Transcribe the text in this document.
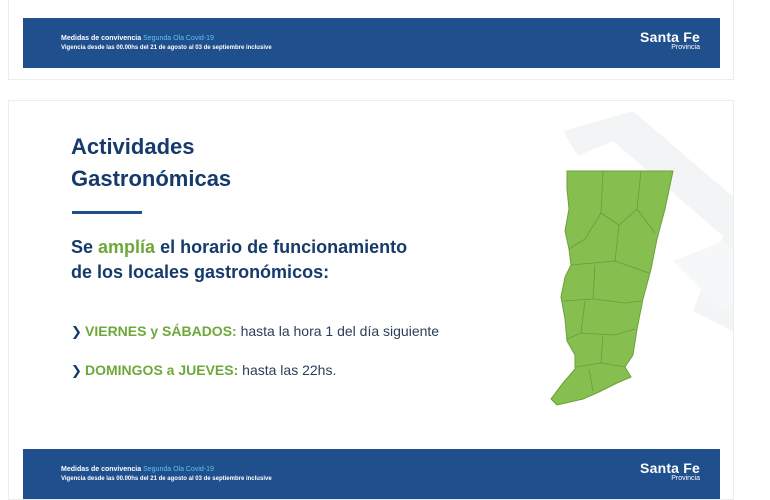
Medidas de convivencia Segunda Ola Covid-19
Vigencia desde las 00.00hs del 21 de agosto al 03 de septiembre inclusive
Santa Fe
Provincia
Actividades
Gastronómicas
Se amplía el horario de funcionamiento
de los locales gastronómicos:
❯ VIERNES y SÁBADOS: hasta la hora 1 del día siguiente
❯ DOMINGOS a JUEVES: hasta las 22hs.
Medidas de convivencia Segunda Ola Covid-19
Vigencia desde las 00.00hs del 21 de agosto al 03 de septiembre inclusive
Santa Fe
Provincia
